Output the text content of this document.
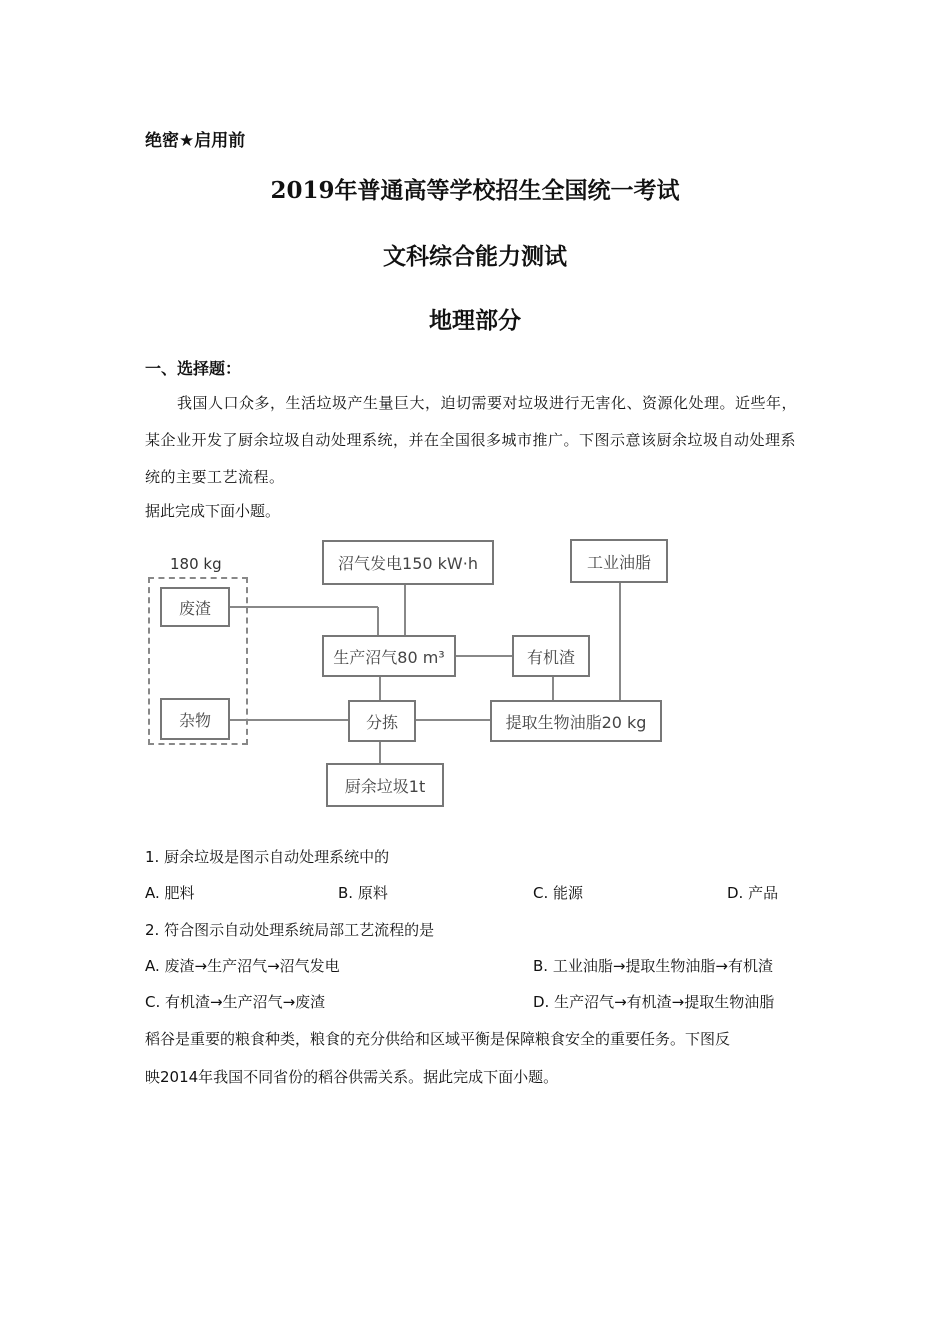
绝密★启用前
2019年普通高等学校招生全国统一考试
文科综合能力测试
地理部分
一、选择题：
我国人口众多，生活垃圾产生量巨大，迫切需要对垃圾进行无害化、资源化处理。近些年，某企业开发了厨余垃圾自动处理系统，并在全国很多城市推广。下图示意该厨余垃圾自动处理系统的主要工艺流程。
据此完成下面小题。
180 kg
废渣
杂物
沼气发电150 kW·h
生产沼气80 m³	有机渣
分拣
厨余垃圾1t
工业油脂
提取生物油脂20 kg
1. 厨余垃圾是图示自动处理系统中的
A. 肥料	B. 原料	C. 能源	D. 产品
2. 符合图示自动处理系统局部工艺流程的是
A. 废渣→生产沼气→沼气发电	B. 工业油脂→提取生物油脂→有机渣
C. 有机渣→生产沼气→废渣	D. 生产沼气→有机渣→提取生物油脂
稻谷是重要的粮食种类，粮食的充分供给和区域平衡是保障粮食安全的重要任务。下图反
映2014年我国不同省份的稻谷供需关系。据此完成下面小题。
